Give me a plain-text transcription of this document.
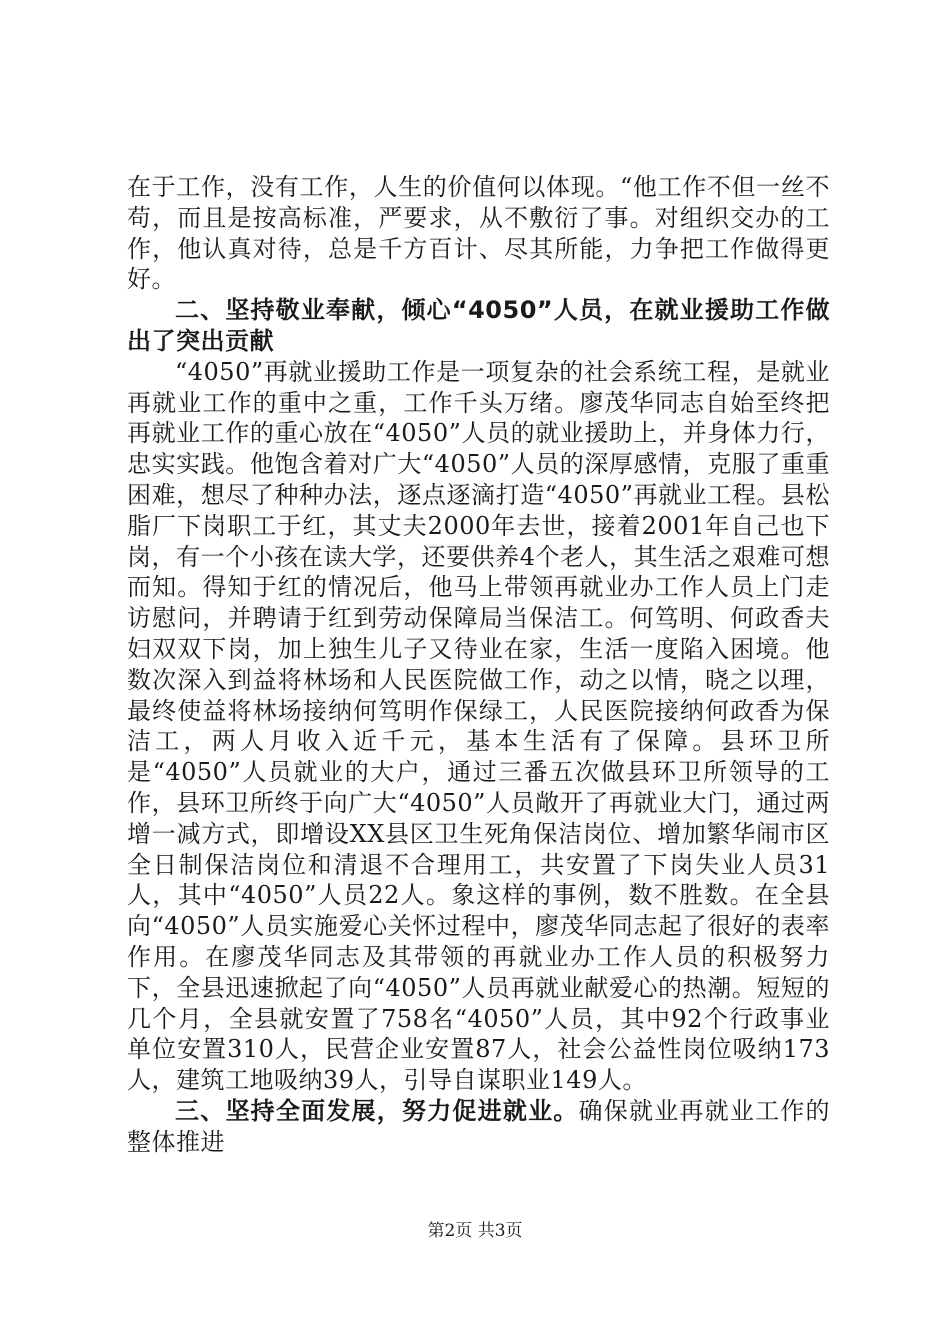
在于工作，没有工作，人生的价值何以体现。“他工作不但一丝不苟，而且是按高标准，严要求，从不敷衍了事。对组织交办的工作，他认真对待，总是千方百计、尽其所能，力争把工作做得更好。

二、坚持敬业奉献，倾心“4050”人员，在就业援助工作做出了突出贡献

“4050”再就业援助工作是一项复杂的社会系统工程，是就业再就业工作的重中之重，工作千头万绪。廖茂华同志自始至终把再就业工作的重心放在“4050”人员的就业援助上，并身体力行，忠实实践。他饱含着对广大“4050”人员的深厚感情，克服了重重困难，想尽了种种办法，逐点逐滴打造“4050”再就业工程。县松脂厂下岗职工于红，其丈夫2000年去世，接着2001年自己也下岗，有一个小孩在读大学，还要供养4个老人，其生活之艰难可想而知。得知于红的情况后，他马上带领再就业办工作人员上门走访慰问，并聘请于红到劳动保障局当保洁工。何笃明、何政香夫妇双双下岗，加上独生儿子又待业在家，生活一度陷入困境。他数次深入到益将林场和人民医院做工作，动之以情，晓之以理，最终使益将林场接纳何笃明作保绿工，人民医院接纳何政香为保洁工，两人月收入近千元，基本生活有了保障。县环卫所是“4050”人员就业的大户，通过三番五次做县环卫所领导的工作，县环卫所终于向广大“4050”人员敞开了再就业大门，通过两增一减方式，即增设XX县区卫生死角保洁岗位、增加繁华闹市区全日制保洁岗位和清退不合理用工，共安置了下岗失业人员31人，其中“4050”人员22人。象这样的事例，数不胜数。在全县向“4050”人员实施爱心关怀过程中，廖茂华同志起了很好的表率作用。在廖茂华同志及其带领的再就业办工作人员的积极努力下，全县迅速掀起了向“4050”人员再就业献爱心的热潮。短短的几个月，全县就安置了758名“4050”人员，其中92个行政事业单位安置310人，民营企业安置87人，社会公益性岗位吸纳173人，建筑工地吸纳39人，引导自谋职业149人。

三、坚持全面发展，努力促进就业。确保就业再就业工作的整体推进

第2页 共3页
